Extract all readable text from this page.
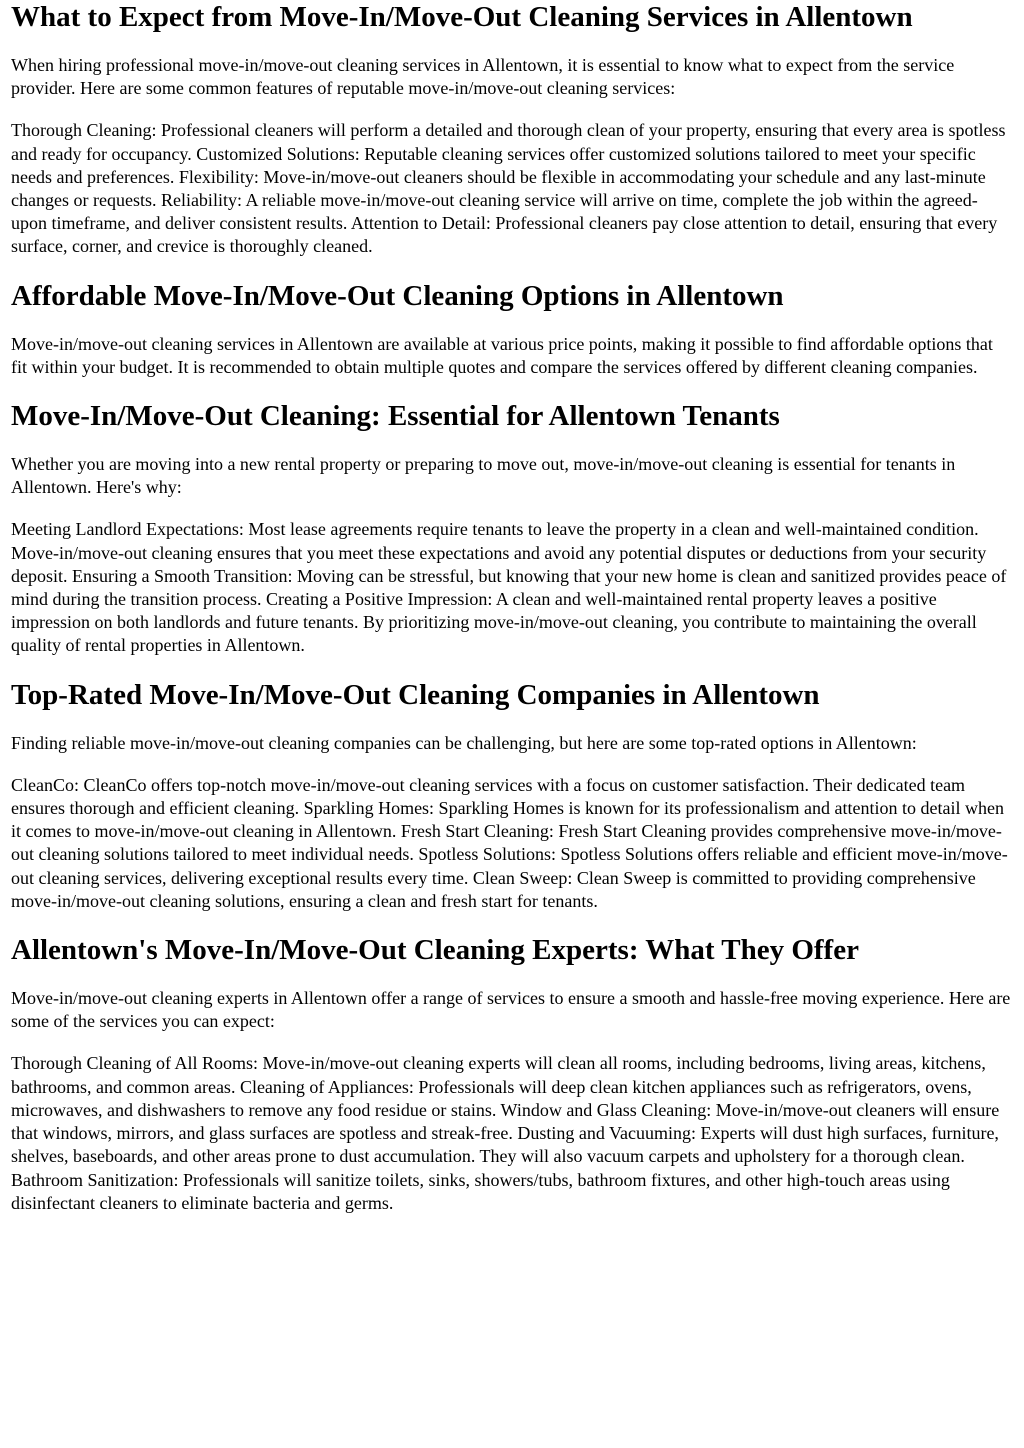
What to Expect from Move-In/Move-Out Cleaning Services in Allentown

When hiring professional move-in/move-out cleaning services in Allentown, it is essential to know what to expect from the service provider. Here are some common features of reputable move-in/move-out cleaning services:

Thorough Cleaning: Professional cleaners will perform a detailed and thorough clean of your property, ensuring that every area is spotless and ready for occupancy. Customized Solutions: Reputable cleaning services offer customized solutions tailored to meet your specific needs and preferences. Flexibility: Move-in/move-out cleaners should be flexible in accommodating your schedule and any last-minute changes or requests. Reliability: A reliable move-in/move-out cleaning service will arrive on time, complete the job within the agreed-upon timeframe, and deliver consistent results. Attention to Detail: Professional cleaners pay close attention to detail, ensuring that every surface, corner, and crevice is thoroughly cleaned.

Affordable Move-In/Move-Out Cleaning Options in Allentown

Move-in/move-out cleaning services in Allentown are available at various price points, making it possible to find affordable options that fit within your budget. It is recommended to obtain multiple quotes and compare the services offered by different cleaning companies.

Move-In/Move-Out Cleaning: Essential for Allentown Tenants

Whether you are moving into a new rental property or preparing to move out, move-in/move-out cleaning is essential for tenants in Allentown. Here's why:

Meeting Landlord Expectations: Most lease agreements require tenants to leave the property in a clean and well-maintained condition. Move-in/move-out cleaning ensures that you meet these expectations and avoid any potential disputes or deductions from your security deposit. Ensuring a Smooth Transition: Moving can be stressful, but knowing that your new home is clean and sanitized provides peace of mind during the transition process. Creating a Positive Impression: A clean and well-maintained rental property leaves a positive impression on both landlords and future tenants. By prioritizing move-in/move-out cleaning, you contribute to maintaining the overall quality of rental properties in Allentown.

Top-Rated Move-In/Move-Out Cleaning Companies in Allentown

Finding reliable move-in/move-out cleaning companies can be challenging, but here are some top-rated options in Allentown:

CleanCo: CleanCo offers top-notch move-in/move-out cleaning services with a focus on customer satisfaction. Their dedicated team ensures thorough and efficient cleaning. Sparkling Homes: Sparkling Homes is known for its professionalism and attention to detail when it comes to move-in/move-out cleaning in Allentown. Fresh Start Cleaning: Fresh Start Cleaning provides comprehensive move-in/move-out cleaning solutions tailored to meet individual needs. Spotless Solutions: Spotless Solutions offers reliable and efficient move-in/move-out cleaning services, delivering exceptional results every time. Clean Sweep: Clean Sweep is committed to providing comprehensive move-in/move-out cleaning solutions, ensuring a clean and fresh start for tenants.

Allentown's Move-In/Move-Out Cleaning Experts: What They Offer

Move-in/move-out cleaning experts in Allentown offer a range of services to ensure a smooth and hassle-free moving experience. Here are some of the services you can expect:

Thorough Cleaning of All Rooms: Move-in/move-out cleaning experts will clean all rooms, including bedrooms, living areas, kitchens, bathrooms, and common areas. Cleaning of Appliances: Professionals will deep clean kitchen appliances such as refrigerators, ovens, microwaves, and dishwashers to remove any food residue or stains. Window and Glass Cleaning: Move-in/move-out cleaners will ensure that windows, mirrors, and glass surfaces are spotless and streak-free. Dusting and Vacuuming: Experts will dust high surfaces, furniture, shelves, baseboards, and other areas prone to dust accumulation. They will also vacuum carpets and upholstery for a thorough clean. Bathroom Sanitization: Professionals will sanitize toilets, sinks, showers/tubs, bathroom fixtures, and other high-touch areas using disinfectant cleaners to eliminate bacteria and germs.
